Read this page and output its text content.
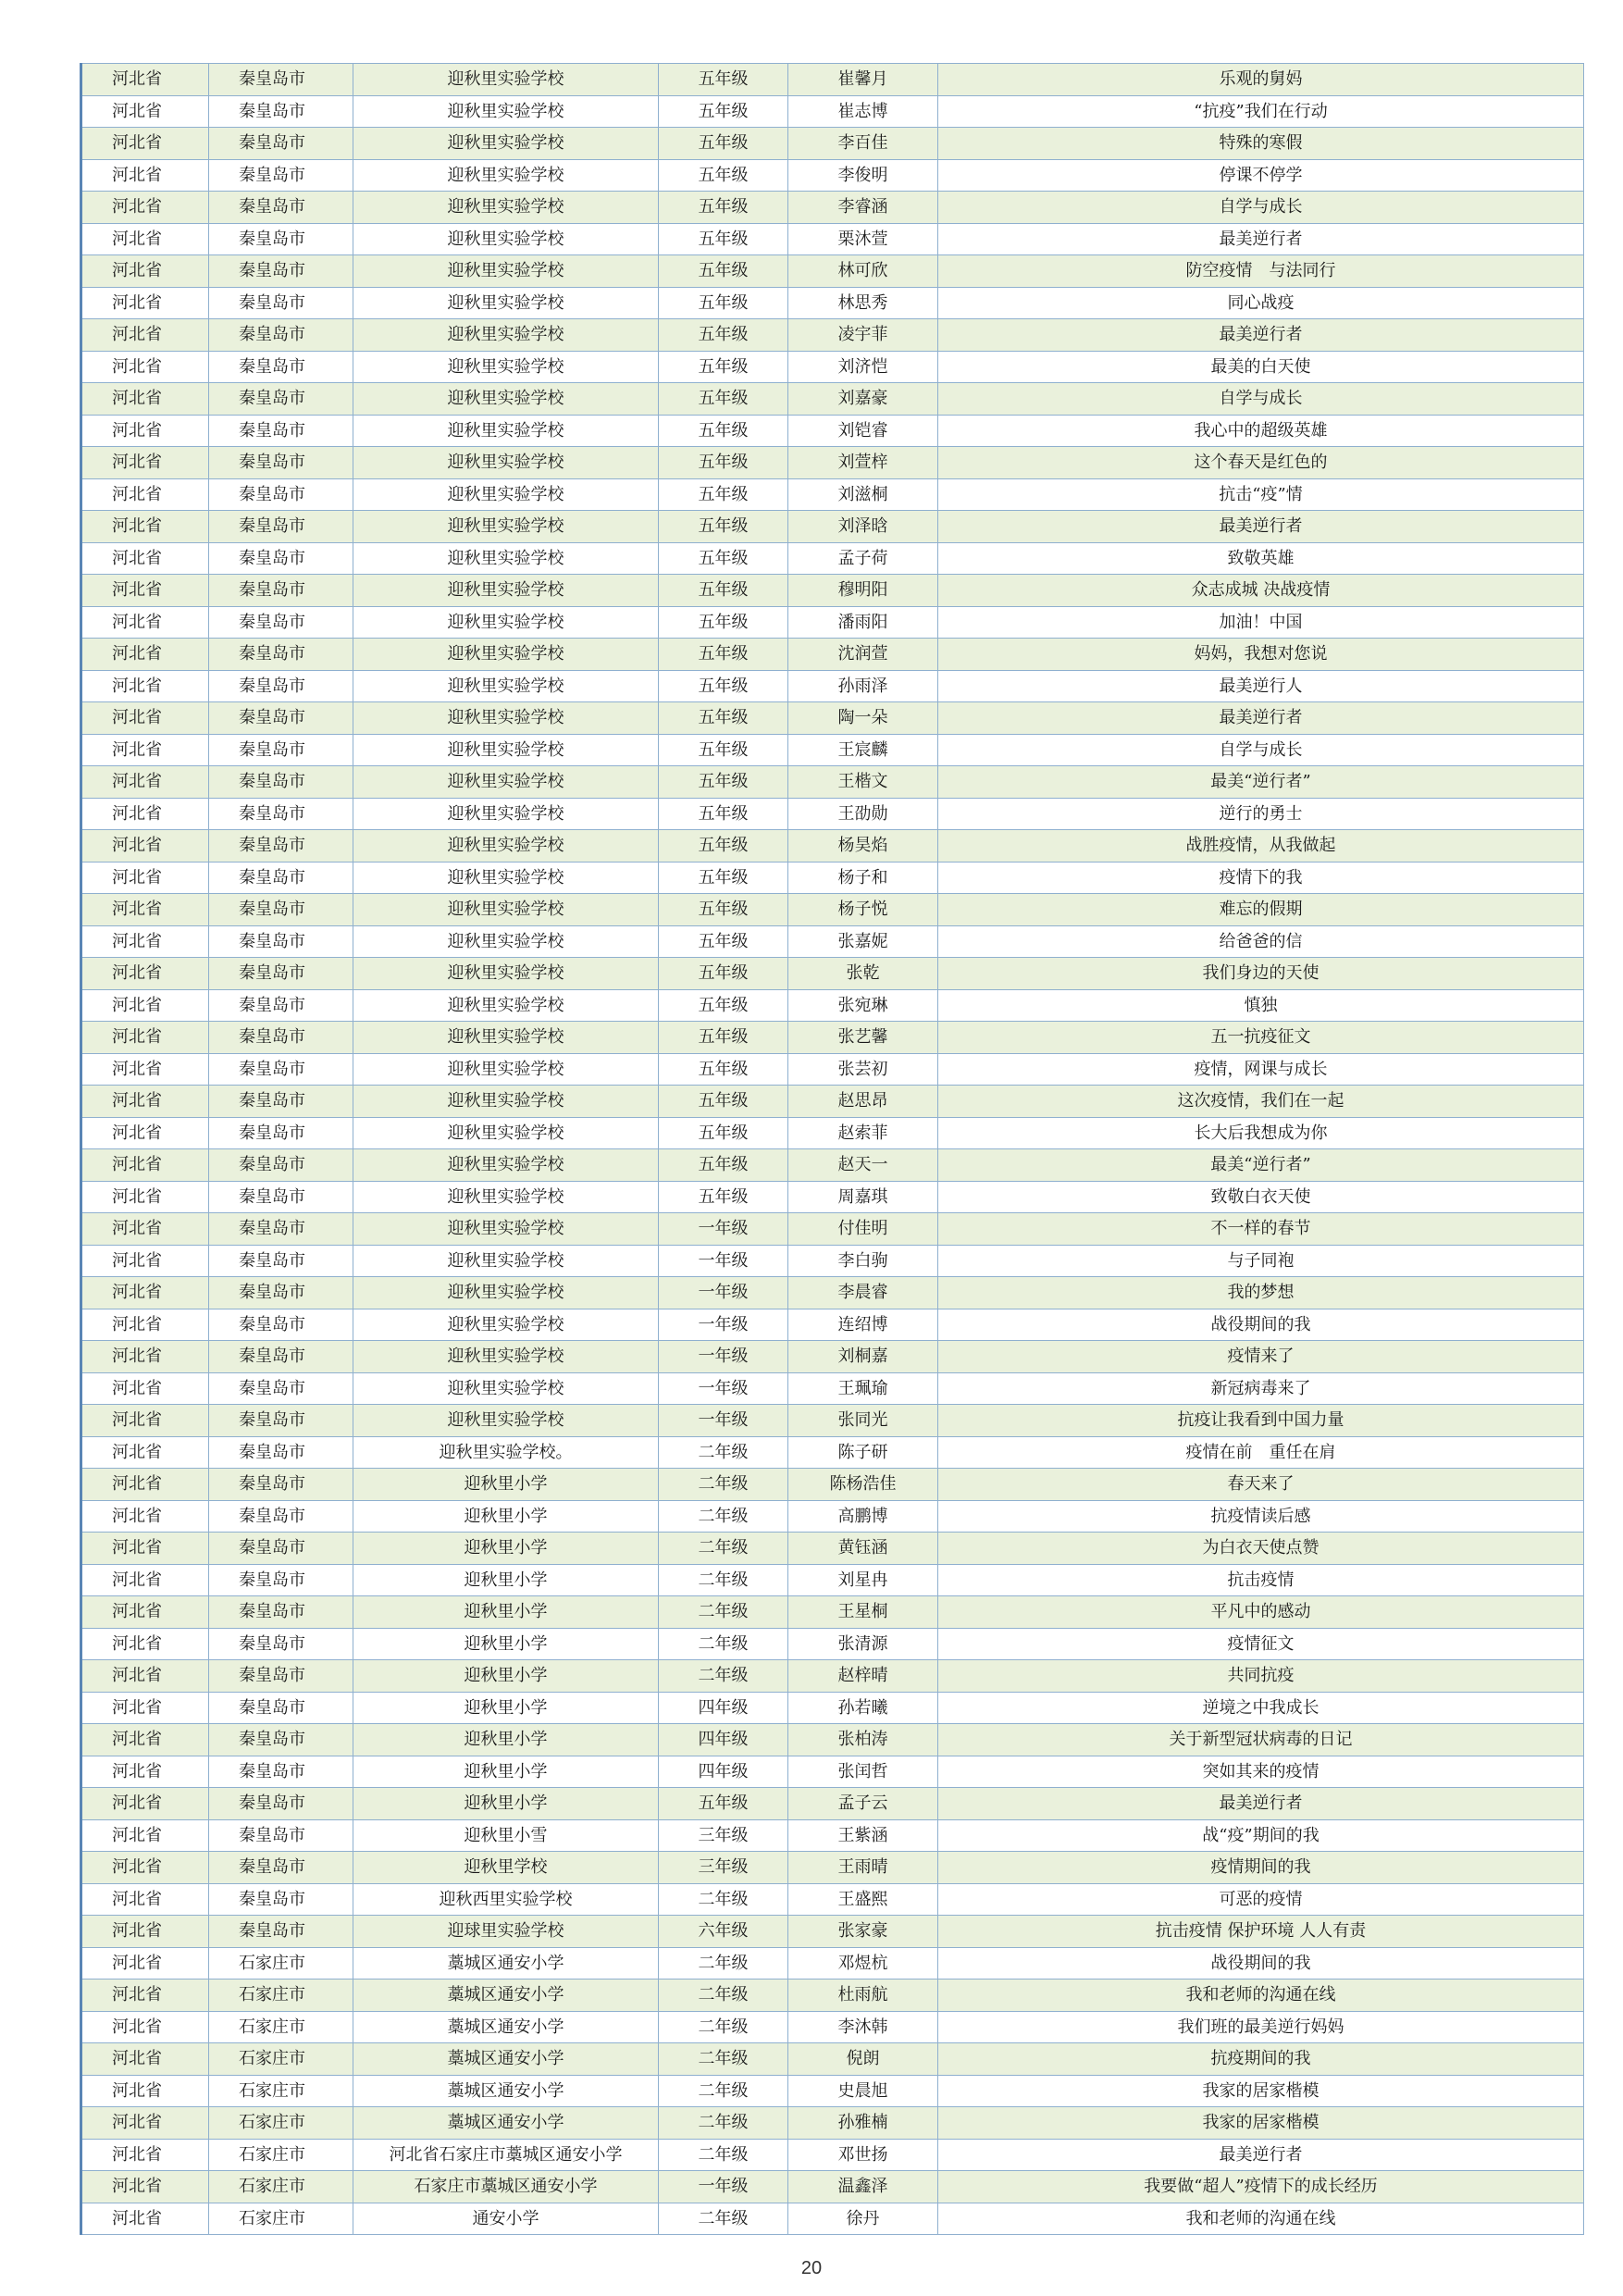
河北省	秦皇岛市	迎秋里实验学校	五年级	崔馨月	乐观的舅妈
河北省	秦皇岛市	迎秋里实验学校	五年级	崔志博	“抗疫”我们在行动
河北省	秦皇岛市	迎秋里实验学校	五年级	李百佳	特殊的寒假
河北省	秦皇岛市	迎秋里实验学校	五年级	李俊明	停课不停学
河北省	秦皇岛市	迎秋里实验学校	五年级	李睿涵	自学与成长
河北省	秦皇岛市	迎秋里实验学校	五年级	栗沐萱	最美逆行者
河北省	秦皇岛市	迎秋里实验学校	五年级	林可欣	防空疫情　与法同行
河北省	秦皇岛市	迎秋里实验学校	五年级	林思秀	同心战疫
河北省	秦皇岛市	迎秋里实验学校	五年级	凌宇菲	最美逆行者
河北省	秦皇岛市	迎秋里实验学校	五年级	刘济恺	最美的白天使
河北省	秦皇岛市	迎秋里实验学校	五年级	刘嘉豪	自学与成长
河北省	秦皇岛市	迎秋里实验学校	五年级	刘铠睿	我心中的超级英雄
河北省	秦皇岛市	迎秋里实验学校	五年级	刘萱梓	这个春天是红色的
河北省	秦皇岛市	迎秋里实验学校	五年级	刘滋桐	抗击“疫”情
河北省	秦皇岛市	迎秋里实验学校	五年级	刘泽晗	最美逆行者
河北省	秦皇岛市	迎秋里实验学校	五年级	孟子荷	致敬英雄
河北省	秦皇岛市	迎秋里实验学校	五年级	穆明阳	众志成城 决战疫情
河北省	秦皇岛市	迎秋里实验学校	五年级	潘雨阳	加油！中国
河北省	秦皇岛市	迎秋里实验学校	五年级	沈润萱	妈妈，我想对您说
河北省	秦皇岛市	迎秋里实验学校	五年级	孙雨泽	最美逆行人
河北省	秦皇岛市	迎秋里实验学校	五年级	陶一朵	最美逆行者
河北省	秦皇岛市	迎秋里实验学校	五年级	王宸麟	自学与成长
河北省	秦皇岛市	迎秋里实验学校	五年级	王楷文	最美“逆行者”
河北省	秦皇岛市	迎秋里实验学校	五年级	王劭勋	逆行的勇士
河北省	秦皇岛市	迎秋里实验学校	五年级	杨昊焰	战胜疫情，从我做起
河北省	秦皇岛市	迎秋里实验学校	五年级	杨子和	疫情下的我
河北省	秦皇岛市	迎秋里实验学校	五年级	杨子悦	难忘的假期
河北省	秦皇岛市	迎秋里实验学校	五年级	张嘉妮	给爸爸的信
河北省	秦皇岛市	迎秋里实验学校	五年级	张乾	我们身边的天使
河北省	秦皇岛市	迎秋里实验学校	五年级	张宛琳	慎独
河北省	秦皇岛市	迎秋里实验学校	五年级	张艺馨	五一抗疫征文
河北省	秦皇岛市	迎秋里实验学校	五年级	张芸初	疫情，网课与成长
河北省	秦皇岛市	迎秋里实验学校	五年级	赵思昂	这次疫情，我们在一起
河北省	秦皇岛市	迎秋里实验学校	五年级	赵索菲	长大后我想成为你
河北省	秦皇岛市	迎秋里实验学校	五年级	赵天一	最美“逆行者”
河北省	秦皇岛市	迎秋里实验学校	五年级	周嘉琪	致敬白衣天使
河北省	秦皇岛市	迎秋里实验学校	一年级	付佳明	不一样的春节
河北省	秦皇岛市	迎秋里实验学校	一年级	李白驹	与子同袍
河北省	秦皇岛市	迎秋里实验学校	一年级	李晨睿	我的梦想
河北省	秦皇岛市	迎秋里实验学校	一年级	连绍博	战役期间的我
河北省	秦皇岛市	迎秋里实验学校	一年级	刘桐嘉	疫情来了
河北省	秦皇岛市	迎秋里实验学校	一年级	王珮瑜	新冠病毒来了
河北省	秦皇岛市	迎秋里实验学校	一年级	张同光	抗疫让我看到中国力量
河北省	秦皇岛市	迎秋里实验学校。	二年级	陈子研	疫情在前　重任在肩
河北省	秦皇岛市	迎秋里小学	二年级	陈杨浩佳	春天来了
河北省	秦皇岛市	迎秋里小学	二年级	高鹏博	抗疫情读后感
河北省	秦皇岛市	迎秋里小学	二年级	黄钰涵	为白衣天使点赞
河北省	秦皇岛市	迎秋里小学	二年级	刘星冉	抗击疫情
河北省	秦皇岛市	迎秋里小学	二年级	王星桐	平凡中的感动
河北省	秦皇岛市	迎秋里小学	二年级	张清源	疫情征文
河北省	秦皇岛市	迎秋里小学	二年级	赵梓晴	共同抗疫
河北省	秦皇岛市	迎秋里小学	四年级	孙若曦	逆境之中我成长
河北省	秦皇岛市	迎秋里小学	四年级	张柏涛	关于新型冠状病毒的日记
河北省	秦皇岛市	迎秋里小学	四年级	张闰哲	突如其来的疫情
河北省	秦皇岛市	迎秋里小学	五年级	孟子云	最美逆行者
河北省	秦皇岛市	迎秋里小雪	三年级	王紫涵	战“疫”期间的我
河北省	秦皇岛市	迎秋里学校	三年级	王雨晴	疫情期间的我
河北省	秦皇岛市	迎秋西里实验学校	二年级	王盛熙	可恶的疫情
河北省	秦皇岛市	迎球里实验学校	六年级	张家豪	抗击疫情 保护环境 人人有责
河北省	石家庄市	藁城区通安小学	二年级	邓煜杭	战役期间的我
河北省	石家庄市	藁城区通安小学	二年级	杜雨航	我和老师的沟通在线
河北省	石家庄市	藁城区通安小学	二年级	李沐韩	我们班的最美逆行妈妈
河北省	石家庄市	藁城区通安小学	二年级	倪朗	抗疫期间的我
河北省	石家庄市	藁城区通安小学	二年级	史晨旭	我家的居家楷模
河北省	石家庄市	藁城区通安小学	二年级	孙雅楠	我家的居家楷模
河北省	石家庄市	河北省石家庄市藁城区通安小学	二年级	邓世扬	最美逆行者
河北省	石家庄市	石家庄市藁城区通安小学	一年级	温鑫泽	我要做“超人”疫情下的成长经历
河北省	石家庄市	通安小学	二年级	徐丹	我和老师的沟通在线
20
